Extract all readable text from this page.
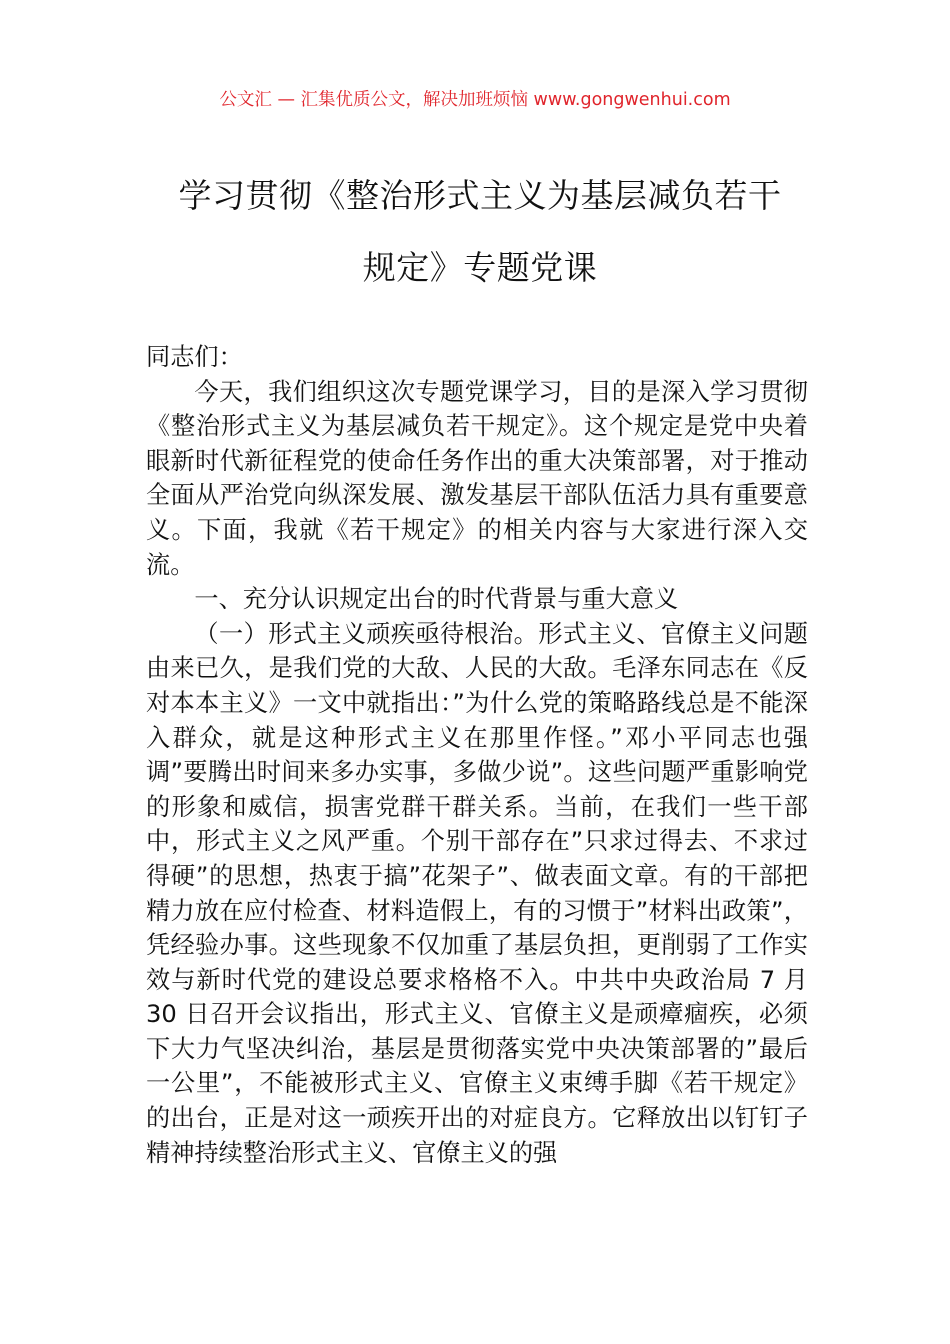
公文汇 — 汇集优质公文，解决加班烦恼 www.gongwenhui.com
学习贯彻《整治形式主义为基层减负若干
规定》专题党课

同志们：

今天，我们组织这次专题党课学习，目的是深入学习贯彻《整治形式主义为基层减负若干规定》。这个规定是党中央着眼新时代新征程党的使命任务作出的重大决策部署，对于推动全面从严治党向纵深发展、激发基层干部队伍活力具有重要意义。下面，我就《若干规定》的相关内容与大家进行深入交流。

一、充分认识规定出台的时代背景与重大意义

（一）形式主义顽疾亟待根治。形式主义、官僚主义问题由来已久，是我们党的大敌、人民的大敌。毛泽东同志在《反对本本主义》一文中就指出：”为什么党的策略路线总是不能深入群众，就是这种形式主义在那里作怪。”邓小平同志也强调”要腾出时间来多办实事，多做少说”。这些问题严重影响党的形象和威信，损害党群干群关系。当前，在我们一些干部中，形式主义之风严重。个别干部存在”只求过得去、不求过得硬”的思想，热衷于搞”花架子”、做表面文章。有的干部把精力放在应付检查、材料造假上，有的习惯于”材料出政策”，凭经验办事。这些现象不仅加重了基层负担，更削弱了工作实效与新时代党的建设总要求格格不入。中共中央政治局 7 月 30 日召开会议指出，形式主义、官僚主义是顽瘴痼疾，必须下大力气坚决纠治，基层是贯彻落实党中央决策部署的”最后一公里”，不能被形式主义、官僚主义束缚手脚《若干规定》的出台，正是对这一顽疾开出的对症良方。它释放出以钉钉子精神持续整治形式主义、官僚主义的强
